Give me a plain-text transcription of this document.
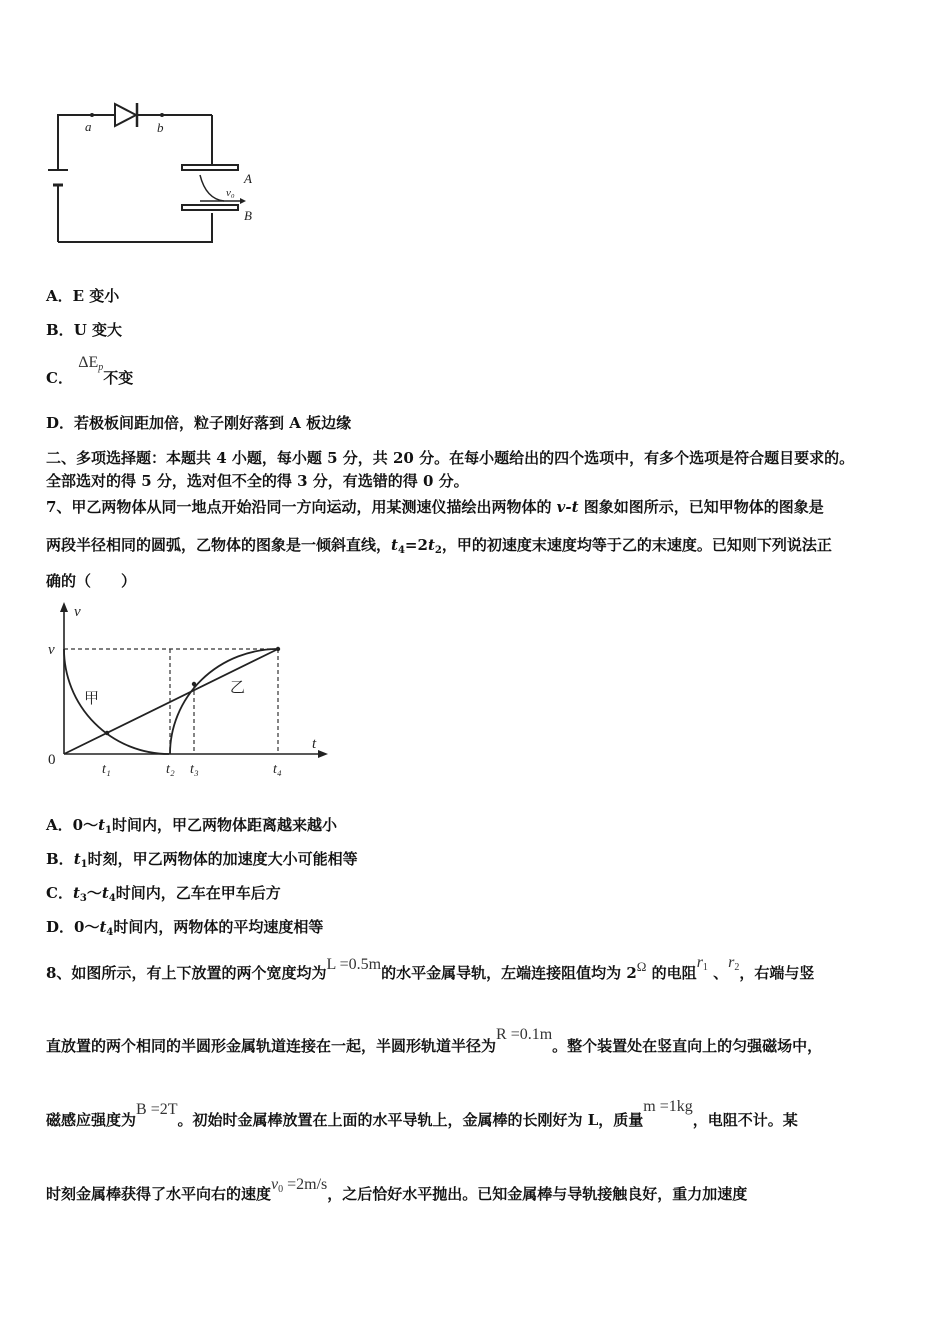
a	b
A
B
v₀
A．E 变小
B．U 变大
C． $\Delta E_p$不变
D．若极板间距加倍，粒子刚好落到 A 板边缘
二、多项选择题：本题共 4 小题，每小题 5 分，共 20 分。在每小题给出的四个选项中，有多个选项是符合题目要求的。
全部选对的得 5 分，选对但不全的得 3 分，有选错的得 0 分。
7、甲乙两物体从同一地点开始沿同一方向运动，用某测速仪描绘出两物体的 v-t 图象如图所示，已知甲物体的图象是
两段半径相同的圆弧，乙物体的图象是一倾斜直线，$t_4=2t_2$，甲的初速度末速度均等于乙的末速度。已知则下列说法正
确的（　　）
v
t
v
0
t₁	t₂ t₃	t₄
甲
乙
A．$0\sim t_1$时间内，甲乙两物体距离越来越小
B．$t_1$时刻，甲乙两物体的加速度大小可能相等
C．$t_3\sim t_4$时间内，乙车在甲车后方
D．$0\sim t_4$时间内，两物体的平均速度相等
8、如图所示，有上下放置的两个宽度均为L =0.5m的水平金属导轨，左端连接阻值均为 2Ω 的电阻$r_1$ 、$r_2$，右端与竖
直放置的两个相同的半圆形金属轨道连接在一起，半圆形轨道半径为R =0.1m。整个装置处在竖直向上的匀强磁场中，
磁感应强度为B =2T。初始时金属棒放置在上面的水平导轨上，金属棒的长刚好为 L，质量m =1kg，电阻不计。某
时刻金属棒获得了水平向右的速度$v_0 =2m/s$，之后恰好水平抛出。已知金属棒与导轨接触良好，重力加速度
